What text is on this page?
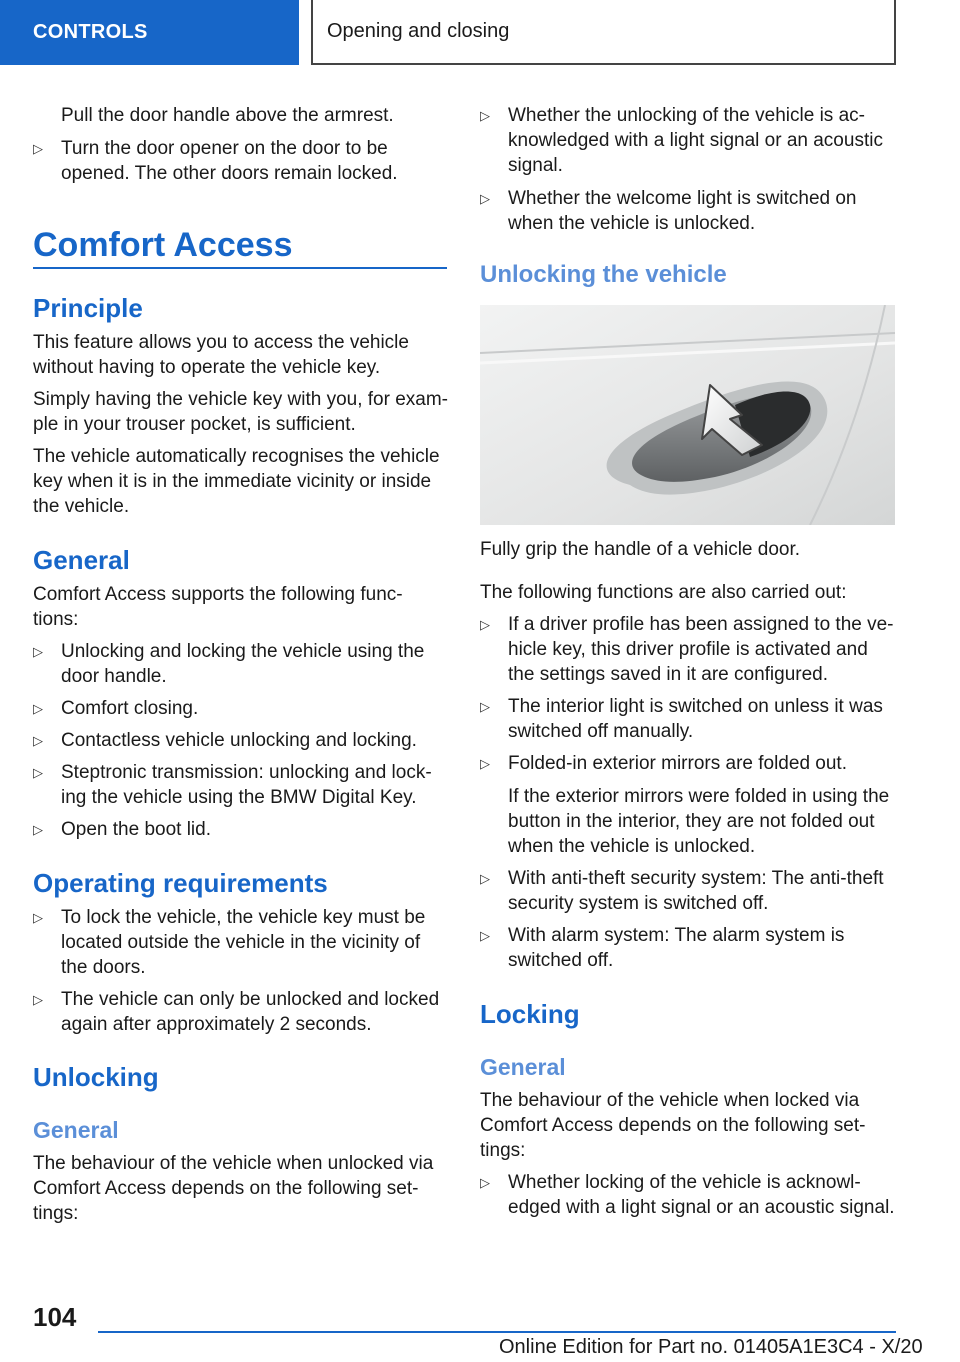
CONTROLS	Opening and closing
Pull the door handle above the armrest.
▷ Turn the door opener on the door to be
opened. The other doors remain locked.
Comfort Access
Principle
This feature allows you to access the vehicle
without having to operate the vehicle key.
Simply having the vehicle key with you, for exam-
ple in your trouser pocket, is sufficient.
The vehicle automatically recognises the vehicle
key when it is in the immediate vicinity or inside
the vehicle.
General
Comfort Access supports the following func-
tions:
▷ Unlocking and locking the vehicle using the
door handle.
▷ Comfort closing.
▷ Contactless vehicle unlocking and locking.
▷ Steptronic transmission: unlocking and lock-
ing the vehicle using the BMW Digital Key.
▷ Open the boot lid.
Operating requirements
▷ To lock the vehicle, the vehicle key must be
located outside the vehicle in the vicinity of
the doors.
▷ The vehicle can only be unlocked and locked
again after approximately 2 seconds.
Unlocking
General
The behaviour of the vehicle when unlocked via
Comfort Access depends on the following set-
tings:
▷ Whether the unlocking of the vehicle is ac-
knowledged with a light signal or an acoustic
signal.
▷ Whether the welcome light is switched on
when the vehicle is unlocked.
Unlocking the vehicle
Fully grip the handle of a vehicle door.
The following functions are also carried out:
▷ If a driver profile has been assigned to the ve-
hicle key, this driver profile is activated and
the settings saved in it are configured.
▷ The interior light is switched on unless it was
switched off manually.
▷ Folded-in exterior mirrors are folded out.
If the exterior mirrors were folded in using the
button in the interior, they are not folded out
when the vehicle is unlocked.
▷ With anti-theft security system: The anti-theft
security system is switched off.
▷ With alarm system: The alarm system is
switched off.
Locking
General
The behaviour of the vehicle when locked via
Comfort Access depends on the following set-
tings:
▷ Whether locking of the vehicle is acknowl-
edged with a light signal or an acoustic signal.
104
Online Edition for Part no. 01405A1E3C4 - X/20
